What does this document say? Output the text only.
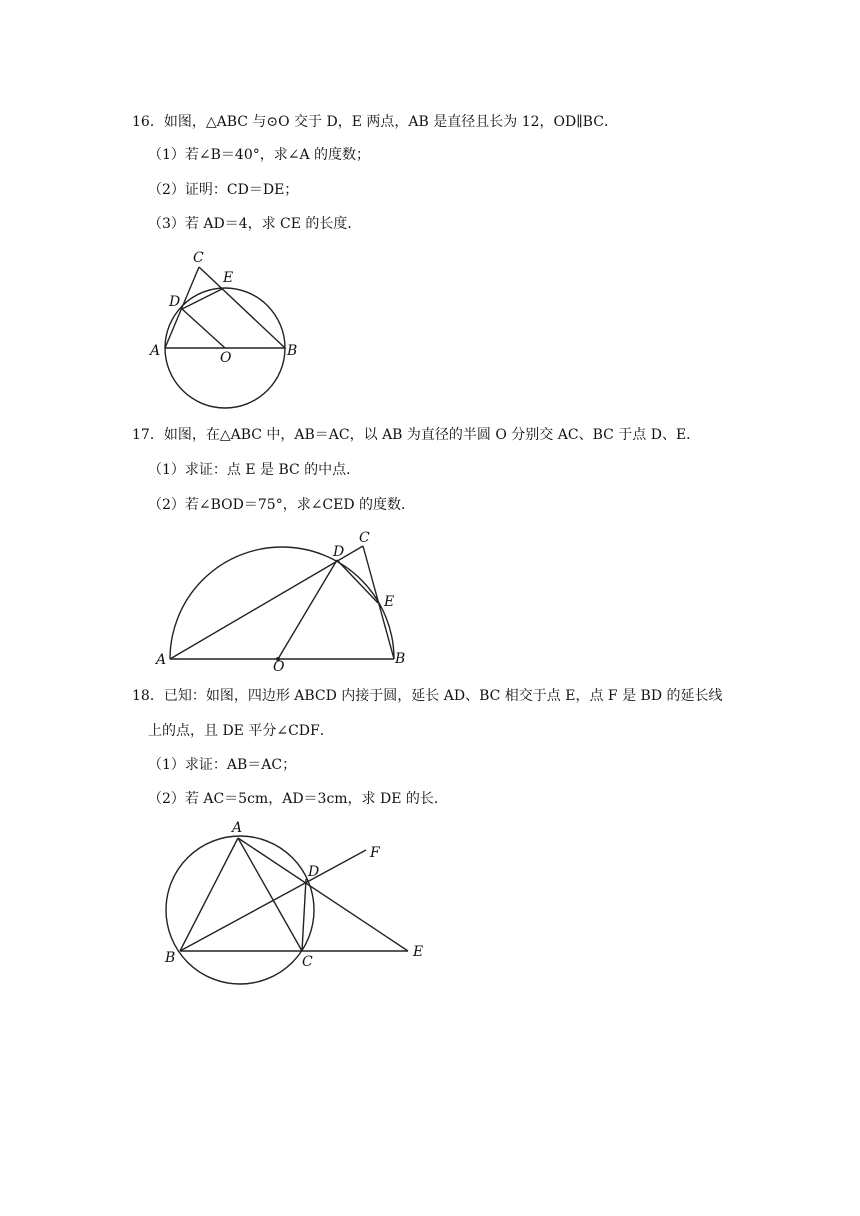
16．如图，△ABC 与⊙O 交于 D，E 两点，AB 是直径且长为 12，OD∥BC．
（1）若∠B＝40°，求∠A 的度数；
（2）证明：CD＝DE；
（3）若 AD＝4，求 CE 的长度．
C
E
D
A	O	B
17．如图，在△ABC 中，AB＝AC，以 AB 为直径的半圆 O 分别交 AC、BC 于点 D、E．
（1）求证：点 E 是 BC 的中点．
（2）若∠BOD＝75°，求∠CED 的度数．
D
C
E
A	O	B
18．已知：如图，四边形 ABCD 内接于圆，延长 AD、BC 相交于点 E，点 F 是 BD 的延长线
上的点，且 DE 平分∠CDF．
（1）求证：AB＝AC；
（2）若 AC＝5cm，AD＝3cm，求 DE 的长．
A
F
D
B	C
E
